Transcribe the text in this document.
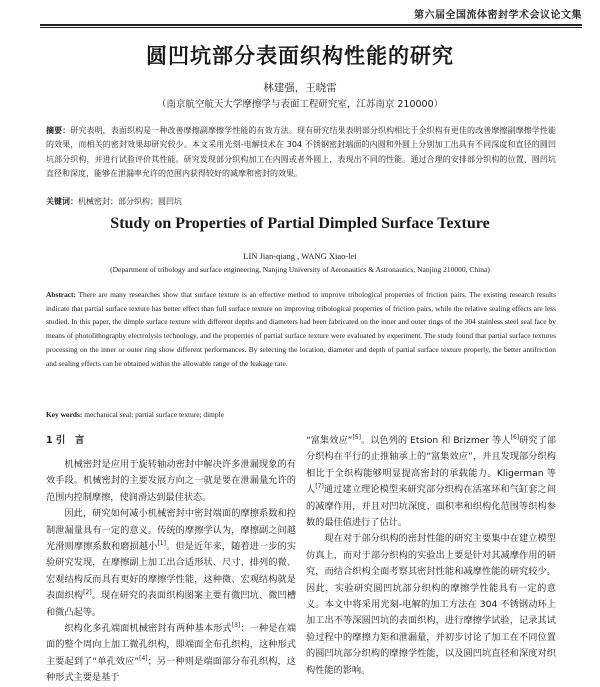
第六届全国流体密封学术会议论文集
圆凹坑部分表面织构性能的研究
林建强，王晓雷
（南京航空航天大学摩擦学与表面工程研究室，江苏南京 210000）
摘要：研究表明，表面织构是一种改善摩擦副摩擦学性能的有效方法。现有研究结果表明部分织构相比于全织构有更佳的改善摩擦副摩擦学性能的效果，而相关的密封效果却研究较少。本文采用光刻-电解技术在 304 不锈钢密封端面的内圆和外圆上分别加工出具有不同深度和直径的圆凹坑部分织构，并进行试验评价其性能。研究发现部分织构加工在内圆或者外圆上，表现出不同的性能。通过合理的安排部分织构的位置、圆凹坑直径和深度，能够在泄漏率允许的范围内获得较好的减摩和密封的效果。
关键词：机械密封；部分织构；圆凹坑
Study on Properties of Partial Dimpled Surface Texture
LIN Jian-qiang , WANG Xiao-lei
(Department of tribology and surface engineering, Nanjing University of Aeronautics & Astronautics, Nanjing 210000, China)
Abstract: There are many researches show that surface texture is an effective method to improve tribological properties of friction pairs. The existing research results indicate that partial surface texture has better effect than full surface texture on improving tribological properties of friction pairs, while the relative sealing effects are less studied. In this paper, the dimple surface texture with different depths and diameters had been fabricated on the inner and outer rings of the 304 stainless steel seal face by means of photolithography electrolysis technology, and the properties of partial surface texture were evaluated by experiment. The study found that partial surface textures processing on the inner or outer ring show different performances. By selecting the location, diameter and depth of partial surface texture properly, the better antifriction and sealing effects can be obtained within the allowable range of the leakage rate.
Key words: mechanical seal; partial surface texture; dimple
1 引　言

机械密封是应用于旋转轴动密封中解决许多泄漏现象的有效手段。机械密封的主要发展方向之一就是要在泄漏量允许的范围内控制摩擦，使润滑达到最佳状态。

因此，研究如何减小机械密封中密封端面的摩擦系数和控制泄漏量具有一定的意义。传统的摩擦学认为，摩擦副之间越光滑则摩擦系数和磨损越小[1]。但是近年来，随着进一步的实验研究发现，在摩擦副上加工出合适形状、尺寸、排列的微、宏观结构反而具有更好的摩擦学性能，这种微、宏观结构就是表面织构[2]。现在研究的表面织构图案主要有微凹坑、微凹槽和微凸起等。

织构化多孔端面机械密封有两种基本形式[3]：一种是在端面的整个周向上加工微孔织构，即端面全布孔织构，这种形式主要起到了“单孔效应”[4]；另一种则是端面部分布孔织构，这种形式主要是基于

“富集效应”[5]。以色列的 Etsion 和 Brizmer 等人[6]研究了部分织构在平行的止推轴承上的“富集效应”，并且发现部分织构相比于全织构能够明显提高密封的承载能力。Kligerman 等人[7]通过建立理论模型来研究部分织构在活塞环和气缸套之间的减摩作用，并且对凹坑深度、面积率和织构化范围等织构参数的最佳值进行了估计。

现在对于部分织构的密封性能的研究主要集中在建立模型仿真上，而对于部分织构的实验出上要是针对其减摩作用的研究，而结合织构全面考察其密封性能和减摩性能的研究较少。因此，实验研究圆凹坑部分织构的摩擦学性能具有一定的意义。本文中将采用光刻-电解的加工方法在 304 不锈钢动环上加工出不等深圆凹坑的表面织构，进行摩擦学试验，记录其试验过程中的摩擦力矩和泄漏量，并初步讨论了加工在不同位置的圆凹坑部分织构的摩擦学性能，以及圆凹坑直径和深度对织构性能的影响。
